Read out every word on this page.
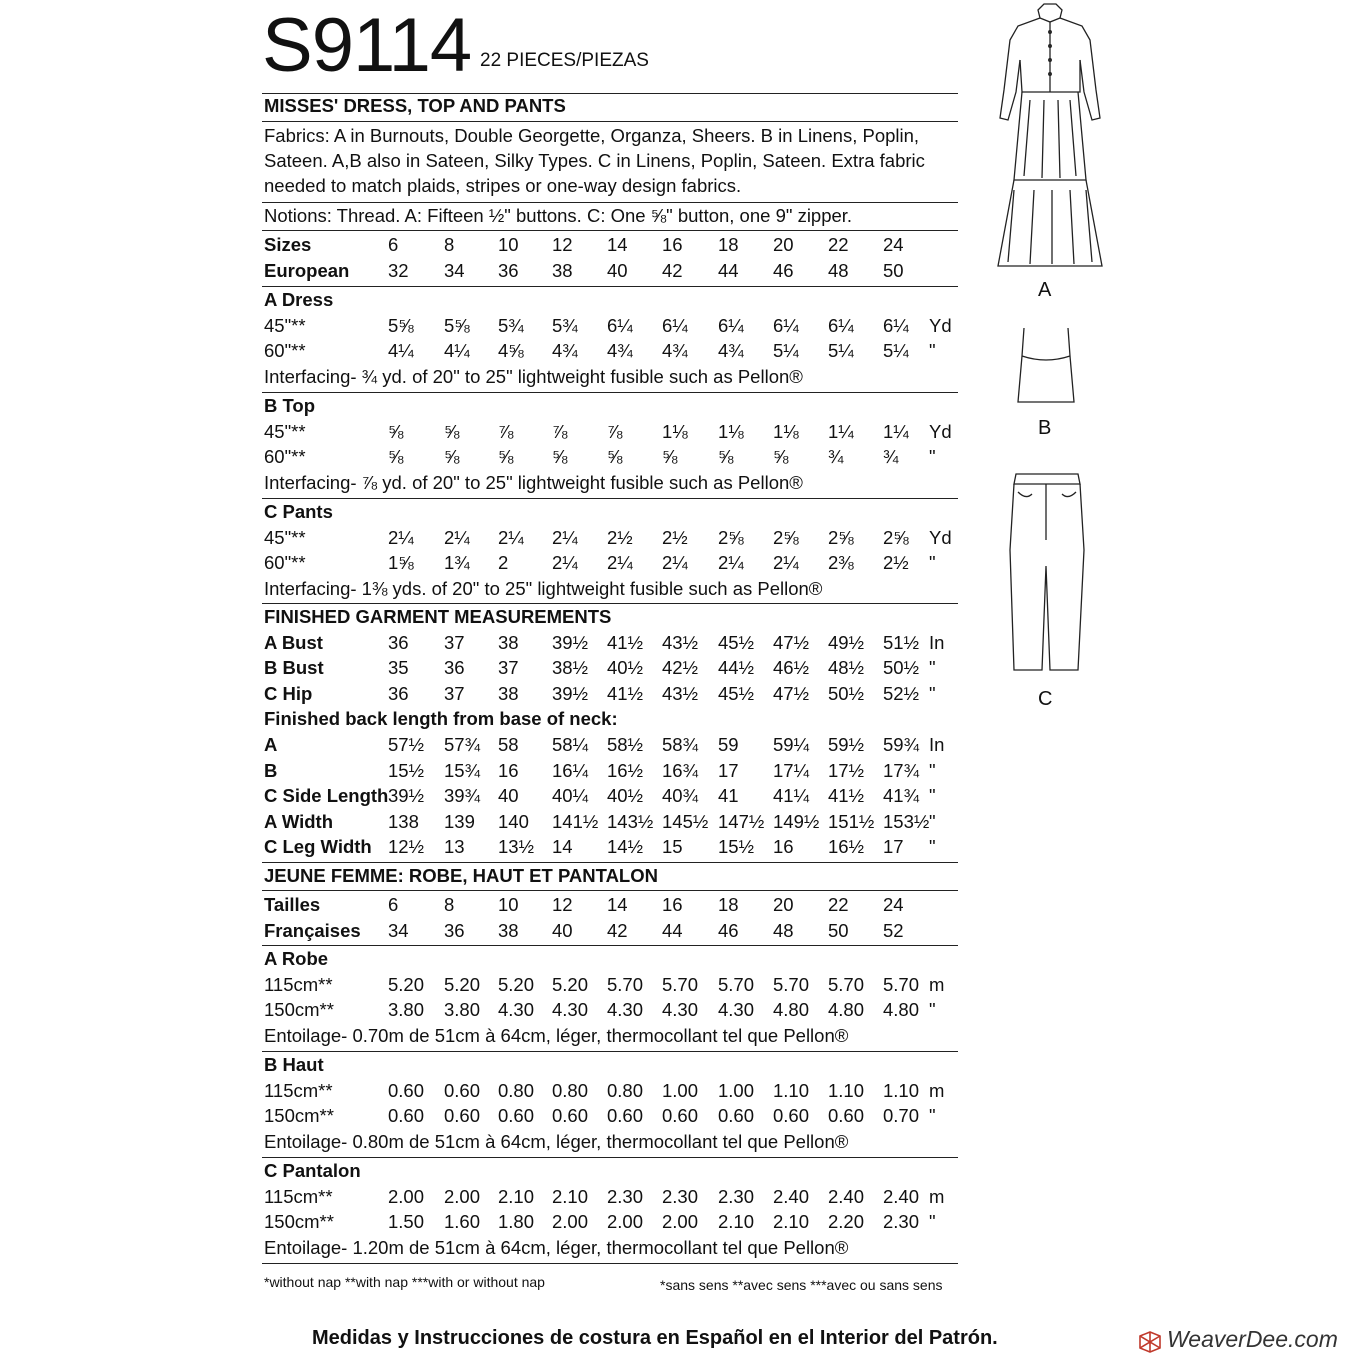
S9114 22 PIECES/PIEZAS
MISSES' DRESS, TOP AND PANTS
Fabrics: A in Burnouts, Double Georgette, Organza, Sheers. B in Linens, Poplin,
Sateen. A,B also in Sateen, Silky Types. C in Linens, Poplin, Sateen. Extra fabric
needed to match plaids, stripes or one-way design fabrics.
Notions: Thread. A: Fifteen ½" buttons. C: One ⅝" button, one 9" zipper.
Sizes	6 8 10 12 14 16 18 20 22 24
European 32 34 36 38 40 42 44 46 48 50
A Dress
45"**	5⅝ 5⅝ 5¾ 5¾ 6¼ 6¼ 6¼ 6¼ 6¼ 6¼ Yd
60"**	4¼ 4¼ 4⅝ 4¾ 4¾ 4¾ 4¾ 5¼ 5¼ 5¼ "
Interfacing- ¾ yd. of 20" to 25" lightweight fusible such as Pellon®
B Top
45"**	⅝ ⅝ ⅞ ⅞ ⅞ 1⅛ 1⅛ 1⅛ 1¼ 1¼ Yd
60"**	⅝ ⅝ ⅝ ⅝ ⅝ ⅝ ⅝ ⅝ ¾ ¾ "
Interfacing- ⅞ yd. of 20" to 25" lightweight fusible such as Pellon®
C Pants
45"**	2¼ 2¼ 2¼ 2¼ 2½ 2½ 2⅝ 2⅝ 2⅝ 2⅝ Yd
60"**	1⅝ 1¾ 2 2¼ 2¼ 2¼ 2¼ 2¼ 2⅜ 2½ "
Interfacing- 1⅜ yds. of 20" to 25" lightweight fusible such as Pellon®
FINISHED GARMENT MEASUREMENTS
A Bust	36 37 38 39½ 41½ 43½ 45½ 47½ 49½ 51½ In
B Bust	35 36 37 38½ 40½ 42½ 44½ 46½ 48½ 50½ "
C Hip	36 37 38 39½ 41½ 43½ 45½ 47½ 50½ 52½ "
Finished back length from base of neck:
A	57½ 57¾ 58 58¼ 58½ 58¾ 59 59¼ 59½ 59¾ In
B	15½ 15¾ 16 16¼ 16½ 16¾ 17 17¼ 17½ 17¾ "
C Side Length 39½ 39¾ 40 40¼ 40½ 40¾ 41 41¼ 41½ 41¾ "
A Width	138 139 140 141½ 143½ 145½ 147½ 149½ 151½ 153½ "
C Leg Width 12½ 13 13½ 14 14½ 15 15½ 16 16½ 17 "
JEUNE FEMME: ROBE, HAUT ET PANTALON
Tailles	6 8 10 12 14 16 18 20 22 24
Françaises 34 36 38 40 42 44 46 48 50 52
A Robe
115cm**	5.20 5.20 5.20 5.20 5.70 5.70 5.70 5.70 5.70 5.70 m
150cm**	3.80 3.80 4.30 4.30 4.30 4.30 4.30 4.80 4.80 4.80 "
Entoilage- 0.70m de 51cm à 64cm, léger, thermocollant tel que Pellon®
B Haut
115cm**	0.60 0.60 0.80 0.80 0.80 1.00 1.00 1.10 1.10 1.10 m
150cm**	0.60 0.60 0.60 0.60 0.60 0.60 0.60 0.60 0.60 0.70 "
Entoilage- 0.80m de 51cm à 64cm, léger, thermocollant tel que Pellon®
C Pantalon
115cm**	2.00 2.00 2.10 2.10 2.30 2.30 2.30 2.40 2.40 2.40 m
150cm**	1.50 1.60 1.80 2.00 2.00 2.00 2.10 2.10 2.20 2.30 "
Entoilage- 1.20m de 51cm à 64cm, léger, thermocollant tel que Pellon®
*without nap **with nap ***with or without nap	*sans sens **avec sens ***avec ou sans sens
A
B
C
Medidas y Instrucciones de costura en Español en el Interior del Patrón.	WeaverDee.com
